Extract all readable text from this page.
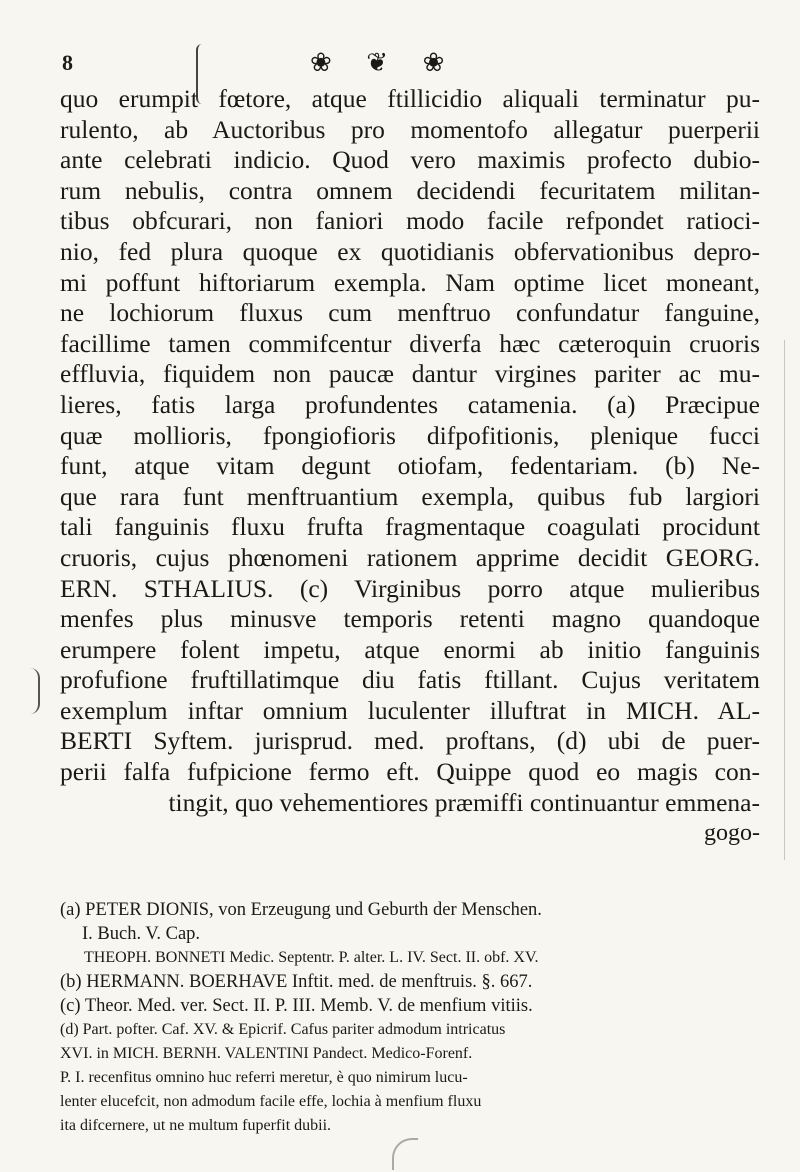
8	❀ ❦ ❀
quo erumpit fœtore, atque ftillicidio aliquali terminatur pu-
rulento, ab Auctoribus pro momentofo allegatur puerperii
ante celebrati indicio. Quod vero maximis profecto dubio-
rum nebulis, contra omnem decidendi fecuritatem militan-
tibus obfcurari, non faniori modo facile refpondet ratioci-
nio, fed plura quoque ex quotidianis obfervationibus depro-
mi poffunt hiftoriarum exempla. Nam optime licet moneant,
ne lochiorum fluxus cum menftruo confundatur fanguine,
facillime tamen commifcentur diverfa hæc cæteroquin cruoris
effluvia, fiquidem non paucæ dantur virgines pariter ac mu-
lieres, fatis larga profundentes catamenia. (a) Præcipue
quæ mollioris, fpongiofioris difpofitionis, plenique fucci
funt, atque vitam degunt otiofam, fedentariam. (b) Ne-
que rara funt menftruantium exempla, quibus fub largiori
tali fanguinis fluxu frufta fragmentaque coagulati procidunt
cruoris, cujus phœnomeni rationem apprime decidit GEORG.
ERN. STHALIUS. (c) Virginibus porro atque mulieribus
menfes plus minusve temporis retenti magno quandoque
erumpere folent impetu, atque enormi ab initio fanguinis
profufione fruftillatimque diu fatis ftillant. Cujus veritatem
exemplum inftar omnium luculenter illuftrat in MICH. AL-
BERTI Syftem. jurisprud. med. proftans, (d) ubi de puer-
perii falfa fufpicione fermo eft. Quippe quod eo magis con-
tingit, quo vehementiores præmiffi continuantur emmena-
gogo-
(a) PETER DIONIS, von Erzeugung und Geburth der Menschen.
I. Buch. V. Cap.
THEOPH. BONNETI Medic. Septentr. P. alter. L. IV. Sect. II. obf. XV.
(b) HERMANN. BOERHAVE Inftit. med. de menftruis. §. 667.
(c) Theor. Med. ver. Sect. II. P. III. Memb. V. de menfium vitiis.
(d) Part. pofter. Caf. XV. & Epicrif. Cafus pariter admodum intricatus
XVI. in MICH. BERNH. VALENTINI Pandect. Medico-Forenf.
P. I. recenfitus omnino huc referri meretur, è quo nimirum lucu-
lenter elucefcit, non admodum facile effe, lochia à menfium fluxu
ita difcernere, ut ne multum fuperfit dubii.
